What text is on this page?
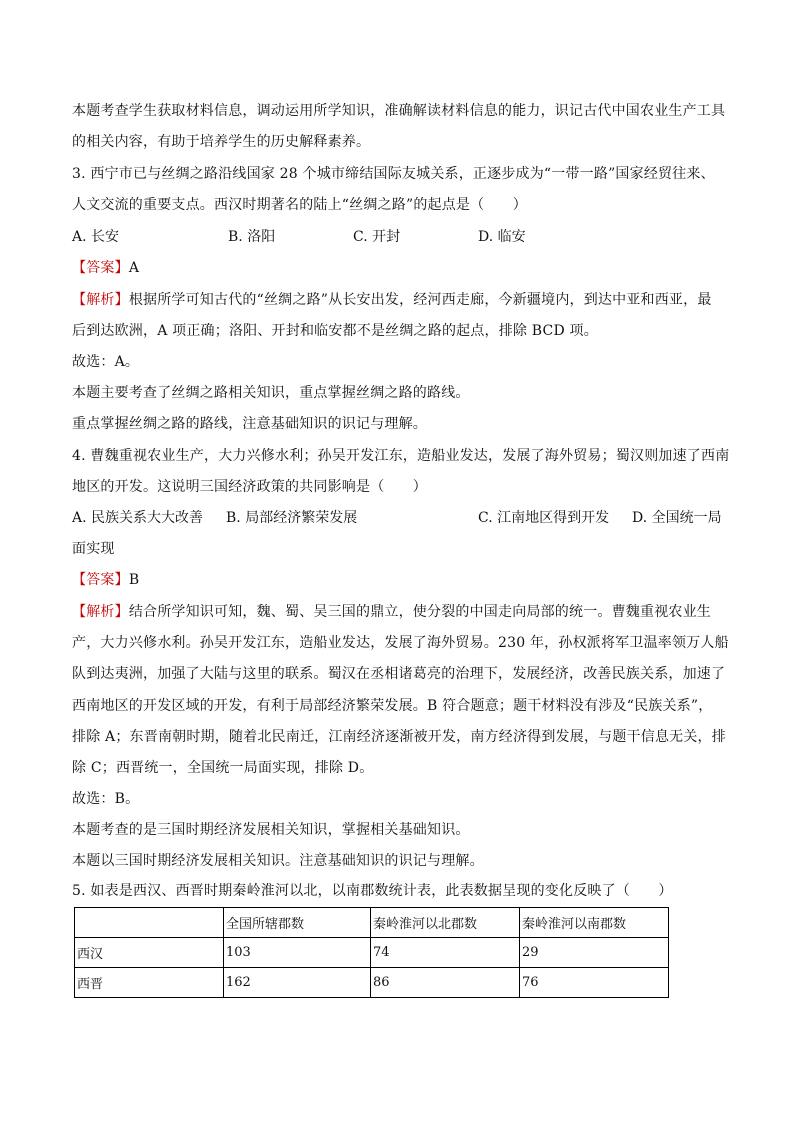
本题考查学生获取材料信息，调动运用所学知识，准确解读材料信息的能力，识记古代中国农业生产工具
的相关内容，有助于培养学生的历史解释素养。
3. 西宁市已与丝绸之路沿线国家 28 个城市缔结国际友城关系，正逐步成为“一带一路”国家经贸往来、
人文交流的重要支点。西汉时期著名的陆上“丝绸之路”的起点是（　　）
A. 长安	B. 洛阳	C. 开封	D. 临安
【答案】A
【解析】根据所学可知古代的“丝绸之路”从长安出发，经河西走廊，今新疆境内，到达中亚和西亚，最
后到达欧洲，A 项正确；洛阳、开封和临安都不是丝绸之路的起点，排除 BCD 项。
故选：A。
本题主要考查了丝绸之路相关知识，重点掌握丝绸之路的路线。
重点掌握丝绸之路的路线，注意基础知识的识记与理解。
4. 曹魏重视农业生产，大力兴修水利；孙吴开发江东，造船业发达，发展了海外贸易；蜀汉则加速了西南
地区的开发。这说明三国经济政策的共同影响是（　　）
A. 民族关系大大改善 B. 局部经济繁荣发展	C. 江南地区得到开发 D. 全国统一局
面实现
【答案】B
【解析】结合所学知识可知，魏、蜀、吴三国的鼎立，使分裂的中国走向局部的统一。曹魏重视农业生
产，大力兴修水利。孙吴开发江东，造船业发达，发展了海外贸易。230 年，孙权派将军卫温率领万人船
队到达夷洲，加强了大陆与这里的联系。蜀汉在丞相诸葛亮的治理下，发展经济，改善民族关系，加速了
西南地区的开发区域的开发，有利于局部经济繁荣发展。B 符合题意；题干材料没有涉及“民族关系”，
排除 A；东晋南朝时期，随着北民南迁，江南经济逐渐被开发，南方经济得到发展，与题干信息无关，排
除 C；西晋统一，全国统一局面实现，排除 D。
故选：B。
本题考查的是三国时期经济发展相关知识，掌握相关基础知识。
本题以三国时期经济发展相关知识。注意基础知识的识记与理解。
5. 如表是西汉、西晋时期秦岭淮河以北，以南郡数统计表，此表数据呈现的变化反映了（　　）
	全国所辖郡数	秦岭淮河以北郡数	秦岭淮河以南郡数
西汉	103	74	29
西晋	162	86	76
